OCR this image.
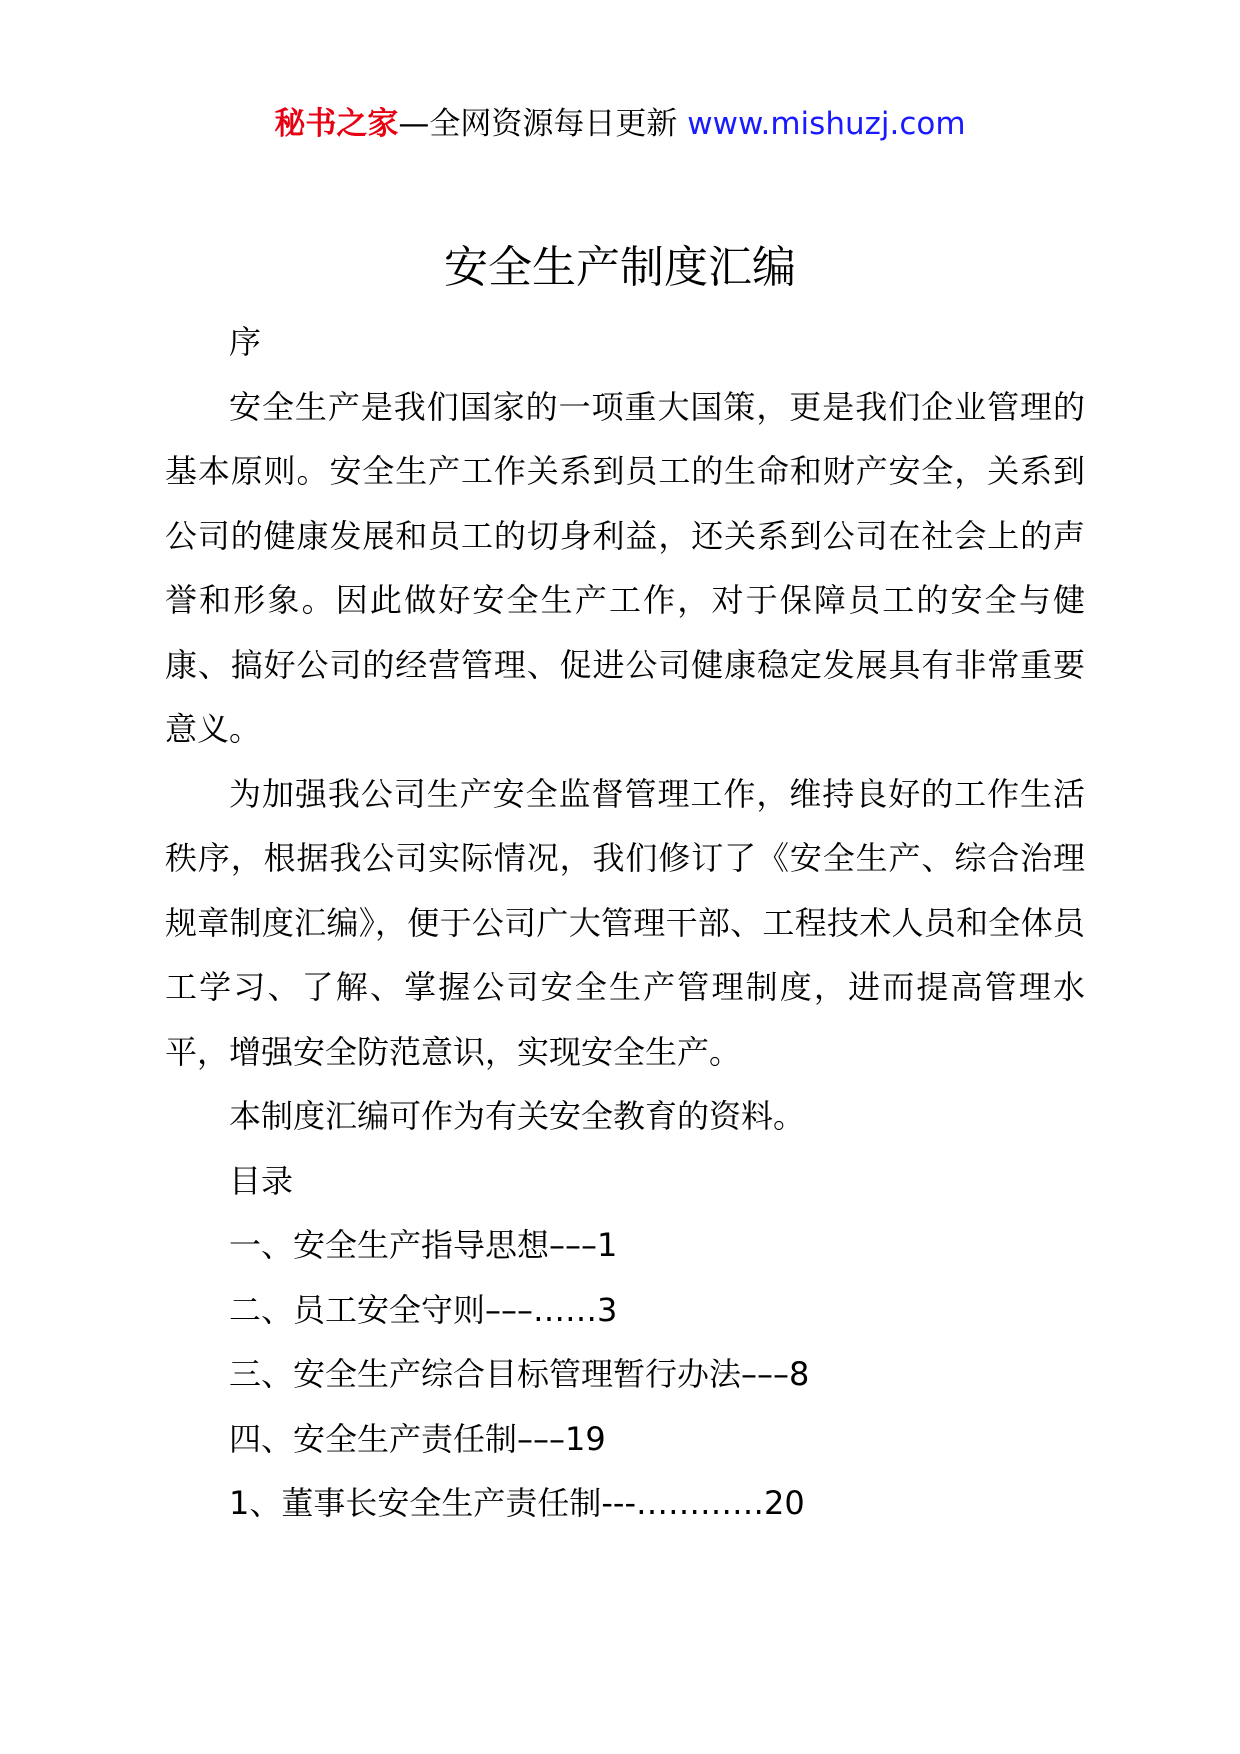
秘书之家—全网资源每日更新 www.mishuzj.com
安全生产制度汇编

序

安全生产是我们国家的一项重大国策，更是我们企业管理的基本原则。安全生产工作关系到员工的生命和财产安全，关系到公司的健康发展和员工的切身利益，还关系到公司在社会上的声誉和形象。因此做好安全生产工作，对于保障员工的安全与健康、搞好公司的经营管理、促进公司健康稳定发展具有非常重要意义。

为加强我公司生产安全监督管理工作，维持良好的工作生活秩序，根据我公司实际情况，我们修订了《安全生产、综合治理规章制度汇编》，便于公司广大管理干部、工程技术人员和全体员工学习、了解、掌握公司安全生产管理制度，进而提高管理水平，增强安全防范意识，实现安全生产。

本制度汇编可作为有关安全教育的资料。

目录

一、安全生产指导思想–––1

二、员工安全守则–––……3

三、安全生产综合目标管理暂行办法–––8

四、安全生产责任制–––19

1、董事长安全生产责任制---…………20
